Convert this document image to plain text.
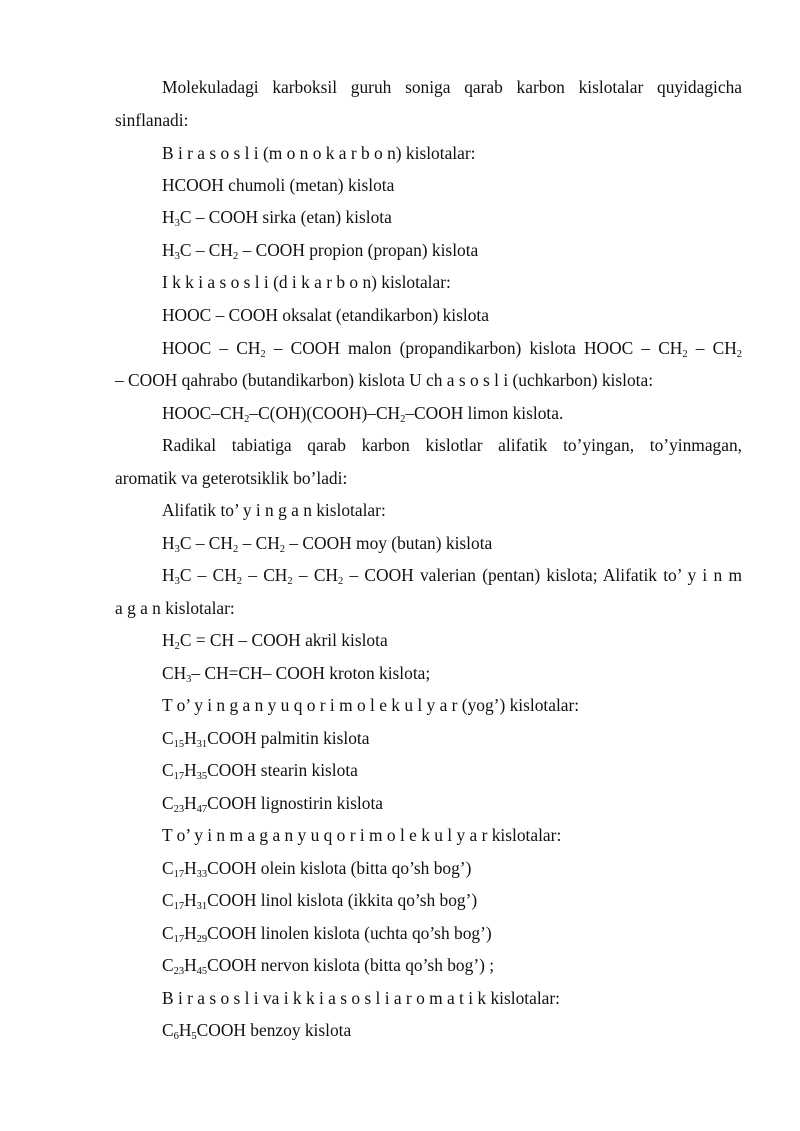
Molekuladagi karboksil guruh soniga qarab karbon kislotalar quyidagicha
sinflanadi:
B i r a s o s l i (m o n o k a r b o n) kislotalar:
HCOOH chumoli (metan) kislota
$H_3C$ – COOH sirka (etan) kislota
$H_3C - CH_2$ – COOH propion (propan) kislota
I k k i a s o s l i (d i k a r b o n) kislotalar:
HOOC – COOH oksalat (etandikarbon) kislota
HOOC – $CH_2$ – COOH malon (propandikarbon) kislota HOOC – $CH_2 - CH_2$
– COOH qahrabo (butandikarbon) kislota U ch a s o s l i (uchkarbon) kislota:
HOOC–$CH_2-C(OH)(COOH)-CH_2$–COOH limon kislota.
Radikal tabiatiga qarab karbon kislotlar alifatik to’yingan, to’yinmagan,
aromatik va geterotsiklik bo’ladi:
Alifatik to’ y i n g a n kislotalar:
$H_3C - CH_2 - CH_2$ – COOH moy (butan) kislota
$H_3C - CH_2 - CH_2 - CH_2$ – COOH valerian (pentan) kislota; Alifatik to’ y i n m
a g a n kislotalar:
$H_2C$ = CH – COOH akril kislota
$CH_3-$ CH=CH– COOH kroton kislota;
T o’ y i n g a n y u q o r i m o l e k u l y a r (yog’) kislotalar:
$C_{15}H_{31}COOH$ palmitin kislota
$C_{17}H_{35}COOH$ stearin kislota
$C_{23}H_{47}COOH$ lignostirin kislota
T o’ y i n m a g a n y u q o r i m o l e k u l y a r kislotalar:
$C_{17}H_{33}COOH$ olein kislota (bitta qo’sh bog’)
$C_{17}H_{31}COOH$ linol kislota (ikkita qo’sh bog’)
$C_{17}H_{29}COOH$ linolen kislota (uchta qo’sh bog’)
$C_{23}H_{45}COOH$ nervon kislota (bitta qo’sh bog’) ;
B i r a s o s l i va i k k i a s o s l i a r o m a t i k kislotalar:
$C_6H_5COOH$ benzoy kislota
